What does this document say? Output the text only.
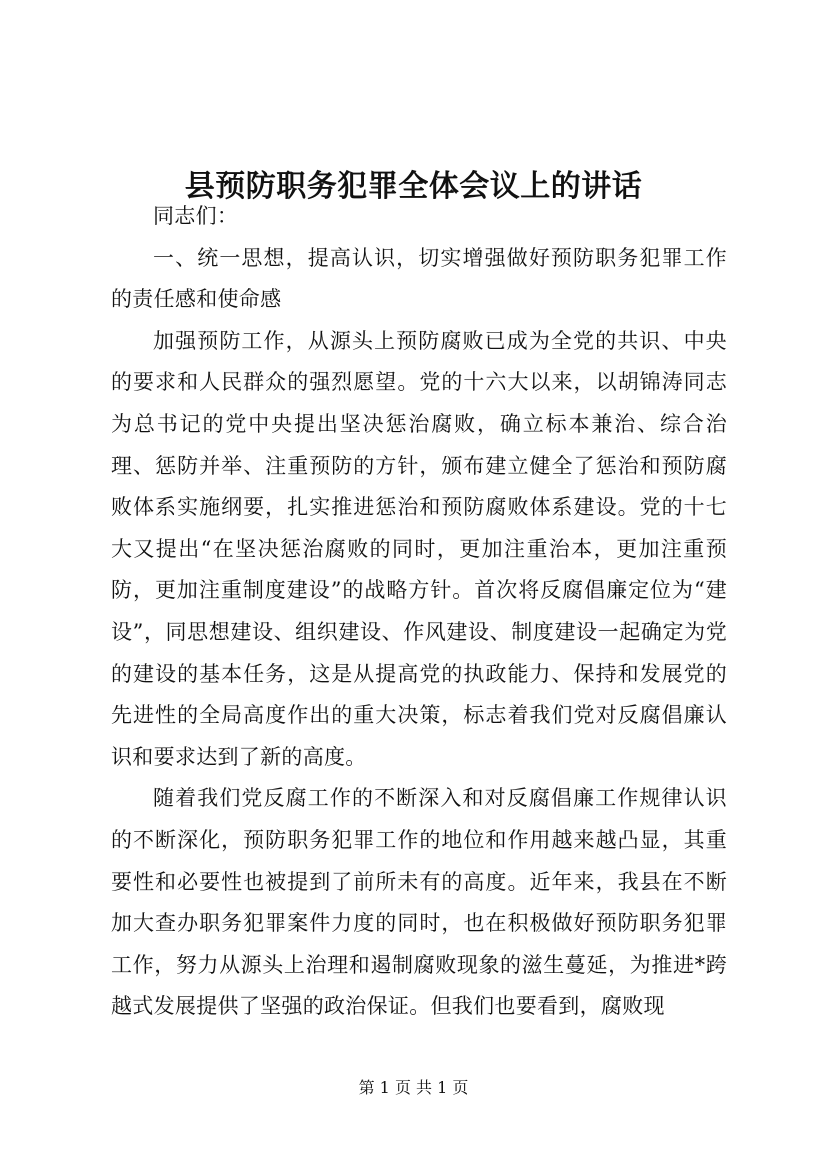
县预防职务犯罪全体会议上的讲话

同志们：

一、统一思想，提高认识，切实增强做好预防职务犯罪工作的责任感和使命感

加强预防工作，从源头上预防腐败已成为全党的共识、中央的要求和人民群众的强烈愿望。党的十六大以来，以胡锦涛同志为总书记的党中央提出坚决惩治腐败，确立标本兼治、综合治理、惩防并举、注重预防的方针，颁布建立健全了惩治和预防腐败体系实施纲要，扎实推进惩治和预防腐败体系建设。党的十七大又提出“在坚决惩治腐败的同时，更加注重治本，更加注重预防，更加注重制度建设”的战略方针。首次将反腐倡廉定位为“建设”，同思想建设、组织建设、作风建设、制度建设一起确定为党的建设的基本任务，这是从提高党的执政能力、保持和发展党的先进性的全局高度作出的重大决策，标志着我们党对反腐倡廉认识和要求达到了新的高度。

随着我们党反腐工作的不断深入和对反腐倡廉工作规律认识的不断深化，预防职务犯罪工作的地位和作用越来越凸显，其重要性和必要性也被提到了前所未有的高度。近年来，我县在不断加大查办职务犯罪案件力度的同时，也在积极做好预防职务犯罪工作，努力从源头上治理和遏制腐败现象的滋生蔓延，为推进*跨越式发展提供了坚强的政治保证。但我们也要看到，腐败现

第 1 页 共 1 页
